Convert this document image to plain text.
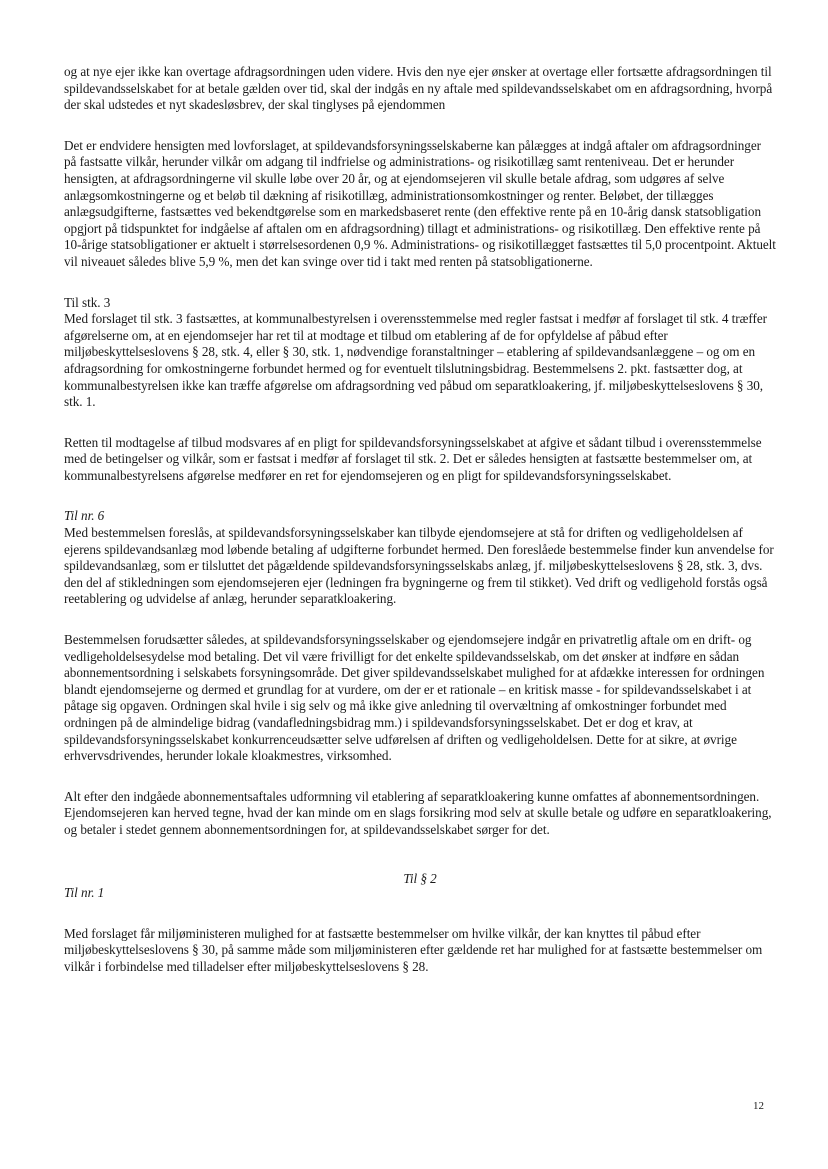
og at nye ejer ikke kan overtage afdragsordningen uden videre. Hvis den nye ejer ønsker at overtage eller fortsætte afdragsordningen til spildevandsselskabet for at betale gælden over tid, skal der indgås en ny aftale med spildevandsselskabet om en afdragsordning, hvorpå der skal udstedes et nyt skadesløsbrev, der skal tinglyses på ejendommen

Det er endvidere hensigten med lovforslaget, at spildevandsforsyningsselskaberne kan pålægges at indgå aftaler om afdragsordninger på fastsatte vilkår, herunder vilkår om adgang til indfrielse og administrations- og risikotillæg samt renteniveau. Det er herunder hensigten, at afdragsordningerne vil skulle løbe over 20 år, og at ejendomsejeren vil skulle betale afdrag, som udgøres af selve anlægsomkostningerne og et beløb til dækning af risikotillæg, administrationsomkostninger og renter. Beløbet, der tillægges anlægsudgifterne, fastsættes ved bekendtgørelse som en markedsbaseret rente (den effektive rente på en 10-årig dansk statsobligation opgjort på tidspunktet for indgåelse af aftalen om en afdragsordning) tillagt et administrations- og risikotillæg. Den effektive rente på 10-årige statsobligationer er aktuelt i størrelsesordenen 0,9 %. Administrations- og risikotillægget fastsættes til 5,0 procentpoint. Aktuelt vil niveauet således blive 5,9 %, men det kan svinge over tid i takt med renten på statsobligationerne.

Til stk. 3

Med forslaget til stk. 3 fastsættes, at kommunalbestyrelsen i overensstemmelse med regler fastsat i medfør af forslaget til stk. 4 træffer afgørelserne om, at en ejendomsejer har ret til at modtage et tilbud om etablering af de for opfyldelse af påbud efter miljøbeskyttelseslovens § 28, stk. 4, eller § 30, stk. 1, nødvendige foranstaltninger – etablering af spildevandsanlæggene – og om en afdragsordning for omkostningerne forbundet hermed og for eventuelt tilslutningsbidrag. Bestemmelsens 2. pkt. fastsætter dog, at kommunalbestyrelsen ikke kan træffe afgørelse om afdragsordning ved påbud om separatkloakering, jf. miljøbeskyttelseslovens § 30, stk. 1.

Retten til modtagelse af tilbud modsvares af en pligt for spildevandsforsyningsselskabet at afgive et sådant tilbud i overensstemmelse med de betingelser og vilkår, som er fastsat i medfør af forslaget til stk. 2. Det er således hensigten at fastsætte bestemmelser om, at kommunalbestyrelsens afgørelse medfører en ret for ejendomsejeren og en pligt for spildevandsforsyningsselskabet.

Til nr. 6

Med bestemmelsen foreslås, at spildevandsforsyningsselskaber kan tilbyde ejendomsejere at stå for driften og vedligeholdelsen af ejerens spildevandsanlæg mod løbende betaling af udgifterne forbundet hermed. Den foreslåede bestemmelse finder kun anvendelse for spildevandsanlæg, som er tilsluttet det pågældende spildevandsforsyningsselskabs anlæg, jf. miljøbeskyttelseslovens § 28, stk. 3, dvs. den del af stikledningen som ejendomsejeren ejer (ledningen fra bygningerne og frem til stikket). Ved drift og vedligehold forstås også reetablering og udvidelse af anlæg, herunder separatkloakering.

Bestemmelsen forudsætter således, at spildevandsforsyningsselskaber og ejendomsejere indgår en privatretlig aftale om en drift- og vedligeholdelsesydelse mod betaling. Det vil være frivilligt for det enkelte spildevandsselskab, om det ønsker at indføre en sådan abonnementsordning i selskabets forsyningsområde. Det giver spildevandsselskabet mulighed for at afdække interessen for ordningen blandt ejendomsejerne og dermed et grundlag for at vurdere, om der er et rationale – en kritisk masse - for spildevandsselskabet i at påtage sig opgaven. Ordningen skal hvile i sig selv og må ikke give anledning til overvæltning af omkostninger forbundet med ordningen på de almindelige bidrag (vandafledningsbidrag mm.) i spildevandsforsyningsselskabet. Det er dog et krav, at spildevandsforsyningsselskabet konkurrenceudsætter selve udførelsen af driften og vedligeholdelsen. Dette for at sikre, at øvrige erhvervsdrivendes, herunder lokale kloakmestres, virksomhed.

Alt efter den indgåede abonnementsaftales udformning vil etablering af separatkloakering kunne omfattes af abonnementsordningen. Ejendomsejeren kan herved tegne, hvad der kan minde om en slags forsikring mod selv at skulle betale og udføre en separatkloakering, og betaler i stedet gennem abonnementsordningen for, at spildevandsselskabet sørger for det.

Til § 2

Til nr. 1

Med forslaget får miljøministeren mulighed for at fastsætte bestemmelser om hvilke vilkår, der kan knyttes til påbud efter miljøbeskyttelseslovens § 30, på samme måde som miljøministeren efter gældende ret har mulighed for at fastsætte bestemmelser om vilkår i forbindelse med tilladelser efter miljøbeskyttelseslovens § 28.

12
